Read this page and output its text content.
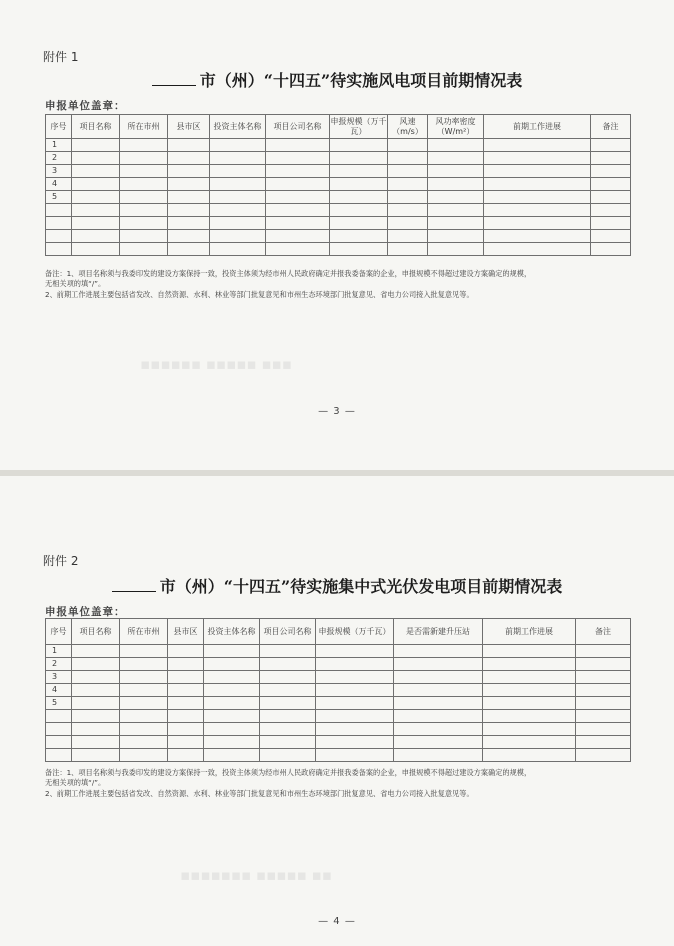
▪▪▪▪▪▪ ▪▪▪▪▪ ▪▪▪
附件 1
市（州）“十四五”待实施风电项目前期情况表
申报单位盖章：
序号	项目名称	所在市州	县市区	投资主体名称	项目公司名称	申报规模（万千瓦）	风速（m/s）	风功率密度（W/m²）	前期工作进展	备注
1										
2										
3										
4										
5										

备注：1、项目名称须与我委印发的建设方案保持一致，投资主体须为经市州人民政府确定并报我委备案的企业，申报规模不得超过建设方案确定的规模，
无相关项的填“/”。
2、前期工作进展主要包括省发改、自然资源、水利、林业等部门批复意见和市州生态环境部门批复意见、省电力公司接入批复意见等。
— 3 —
▪▪▪▪▪▪▪ ▪▪▪▪▪ ▪▪
附件 2
市（州）“十四五”待实施集中式光伏发电项目前期情况表
申报单位盖章：
序号	项目名称	所在市州	县市区	投资主体名称	项目公司名称	申报规模（万千瓦）	是否需新建升压站	前期工作进展	备注
1									
2									
3									
4									
5									

备注：1、项目名称须与我委印发的建设方案保持一致，投资主体须为经市州人民政府确定并报我委备案的企业，申报规模不得超过建设方案确定的规模，
无相关项的填“/”。
2、前期工作进展主要包括省发改、自然资源、水利、林业等部门批复意见和市州生态环境部门批复意见、省电力公司接入批复意见等。
— 4 —
